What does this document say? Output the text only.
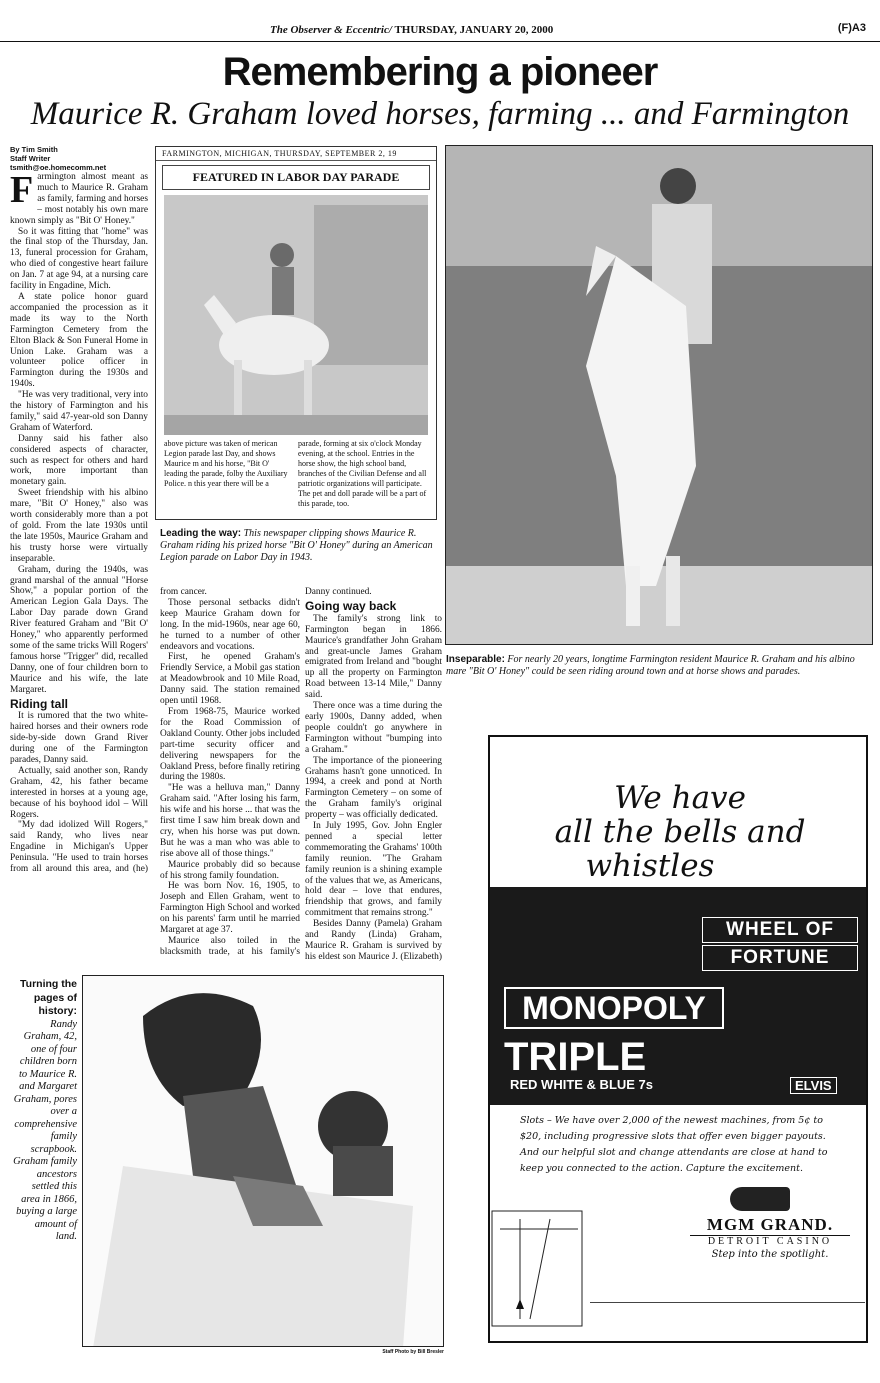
The Observer & Eccentric/ THURSDAY, JANUARY 20, 2000	(F)A3
Remembering a pioneer
Maurice R. Graham loved horses, farming ... and Farmington
By Tim Smith
Staff Writer
tsmith@oe.homecomm.net
F armington almost meant as much to Maurice R. Graham as family, farming and horses – most notably his own mare known simply as "Bit O' Honey."

So it was fitting that "home" was the final stop of the Thursday, Jan. 13, funeral procession for Graham, who died of congestive heart failure on Jan. 7 at age 94, at a nursing care facility in Engadine, Mich.

A state police honor guard accompanied the procession as it made its way to the North Farmington Cemetery from the Elton Black & Son Funeral Home in Union Lake. Graham was a volunteer police officer in Farmington during the 1930s and 1940s.

"He was very traditional, very into the history of Farmington and his family," said 47-year-old son Danny Graham of Waterford.

Danny said his father also considered aspects of character, such as respect for others and hard work, more important than monetary gain.

Sweet friendship with his albino mare, "Bit O' Honey," also was worth considerably more than a pot of gold. From the late 1930s until the late 1950s, Maurice Graham and his trusty horse were virtually inseparable.

Graham, during the 1940s, was grand marshal of the annual "Horse Show," a popular portion of the American Legion Gala Days. The Labor Day parade down Grand River featured Graham and "Bit O' Honey," who apparently performed some of the same tricks Will Rogers' famous horse "Trigger" did, recalled Danny, one of four children born to Maurice and his wife, the late Margaret.

Riding tall

It is rumored that the two white-haired horses and their owners rode side-by-side down Grand River during one of the Farmington parades, Danny said.

Actually, said another son, Randy Graham, 42, his father became interested in horses at a young age, because of his boyhood idol – Will Rogers.

"My dad idolized Will Rogers," said Randy, who lives near Engadine in Michigan's Upper Peninsula. "He used to train horses from all around this area, and (he)

FARMINGTON, MICHIGAN, THURSDAY, SEPTEMBER 2, 19
FEATURED IN LABOR DAY PARADE
above picture was taken of merican Legion parade last Day, and shows Maurice m and his horse, "Bit O' leading the parade, folby the Auxiliary Police. n this year there will be a
parade, forming at six o'clock Monday evening, at the school. Entries in the horse show, the high school band, branches of the Civilian Defense and all patriotic organizations will participate. The pet and doll parade will be a part of this parade, too.
Leading the way: This newspaper clipping shows Maurice R. Graham riding his prized horse "Bit O' Honey" during an American Legion parade on Labor Day in 1943.
Inseparable: For nearly 20 years, longtime Farmington resident Maurice R. Graham and his albino mare "Bit O' Honey" could be seen riding around town and at horse shows and parades.

from cancer.

Those personal setbacks didn't keep Maurice Graham down for long. In the mid-1960s, near age 60, he turned to a number of other endeavors and vocations.

First, he opened Graham's Friendly Service, a Mobil gas station at Meadowbrook and 10 Mile Road, Danny said. The station remained open until 1968.

From 1968-75, Maurice worked for the Road Commission of Oakland County. Other jobs included part-time security officer and delivering newspapers for the Oakland Press, before finally retiring during the 1980s.

"He was a helluva man," Danny Graham said. "After losing his farm, his wife and his horse ... that was the first time I saw him break down and cry, when his horse was put down. But he was a man who was able to rise above all of those things."

Maurice probably did so because of his strong family foundation.

He was born Nov. 16, 1905, to Joseph and Ellen Graham, went to Farmington High School and worked on his parents' farm until he married Margaret at age 37.

Maurice also toiled in the blacksmith trade, at his family's

Danny continued.

Going way back

The family's strong link to Farmington began in 1866. Maurice's grandfather John Graham and great-uncle James Graham emigrated from Ireland and "bought up all the property on Farmington Road between 13-14 Mile," Danny said.

There once was a time during the early 1900s, Danny added, when people couldn't go anywhere in Farmington without "bumping into a Graham."

The importance of the pioneering Grahams hasn't gone unnoticed. In 1994, a creek and pond at North Farmington Cemetery – on some of the Graham family's original property – was officially dedicated.

In July 1995, Gov. John Engler penned a special letter commemorating the Grahams' 100th family reunion. "The Graham family reunion is a shining example of the values that we, as Americans, hold dear – love that endures, friendship that grows, and family commitment that remains strong."

Besides Danny (Pamela) Graham and Randy (Linda) Graham, Maurice R. Graham is survived by his eldest son Maurice J. (Elizabeth)

Turning the pages of history: Randy Graham, 42, one of four children born to Maurice R. and Margaret Graham, pores over a comprehensive family scrapbook. Graham family ancestors settled this area in 1866, buying a large amount of land.
Staff Photo by Bill Bresler
We have
all the bells and
whistles
WHEEL OF
FORTUNE
MONOPOLY
TRIPLE
RED WHITE & BLUE 7s	ELVIS
Slots – We have over 2,000 of the newest machines, from 5¢ to $20, including progressive slots that offer even bigger payouts. And our helpful slot and change attendants are close at hand to keep you connected to the action. Capture the excitement.
MGM GRAND.
DETROIT CASINO
Step into the spotlight.
